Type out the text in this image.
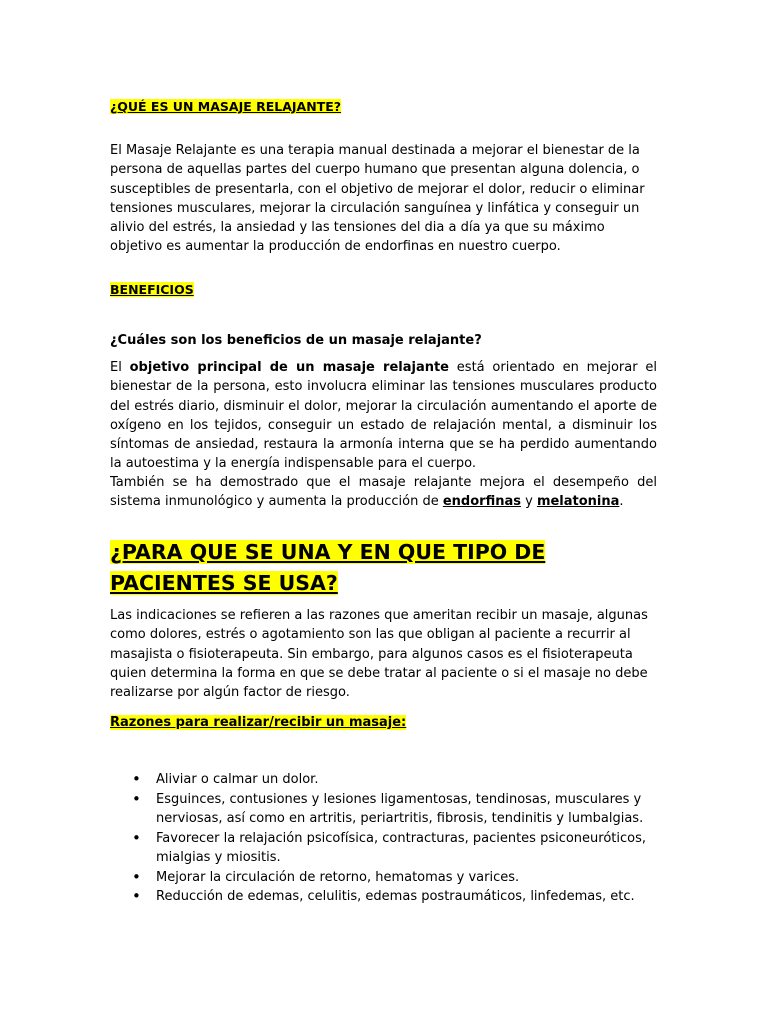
¿QUÉ ES UN MASAJE RELAJANTE?

El Masaje Relajante es una terapia manual destinada a mejorar el bienestar de la persona de aquellas partes del cuerpo humano que presentan alguna dolencia, o susceptibles de presentarla, con el objetivo de mejorar el dolor, reducir o eliminar tensiones musculares, mejorar la circulación sanguínea y linfática y conseguir un alivio del estrés, la ansiedad y las tensiones del dia a día ya que su máximo objetivo es aumentar la producción de endorfinas en nuestro cuerpo.

BENEFICIOS
¿Cuáles son los beneficios de un masaje relajante?

El objetivo principal de un masaje relajante está orientado en mejorar el bienestar de la persona, esto involucra eliminar las tensiones musculares producto del estrés diario, disminuir el dolor, mejorar la circulación aumentando el aporte de oxígeno en los tejidos, conseguir un estado de relajación mental, a disminuir los síntomas de ansiedad, restaura la armonía interna que se ha perdido aumentando la autoestima y la energía indispensable para el cuerpo.

También se ha demostrado que el masaje relajante mejora el desempeño del sistema inmunológico y aumenta la producción de endorfinas y melatonina.

¿PARA QUE SE UNA Y EN QUE TIPO DE PACIENTES SE USA?

Las indicaciones se refieren a las razones que ameritan recibir un masaje, algunas como dolores, estrés o agotamiento son las que obligan al paciente a recurrir al masajista o fisioterapeuta. Sin embargo, para algunos casos es el fisioterapeuta quien determina la forma en que se debe tratar al paciente o si el masaje no debe realizarse por algún factor de riesgo.

Razones para realizar/recibir un masaje:
• Aliviar o calmar un dolor.
• Esguinces, contusiones y lesiones ligamentosas, tendinosas, musculares y nerviosas, así como en artritis, periartritis, fibrosis, tendinitis y lumbalgias.
• Favorecer la relajación psicofísica, contracturas, pacientes psiconeuróticos, mialgias y miositis.
• Mejorar la circulación de retorno, hematomas y varices.
• Reducción de edemas, celulitis, edemas postraumáticos, linfedemas, etc.
